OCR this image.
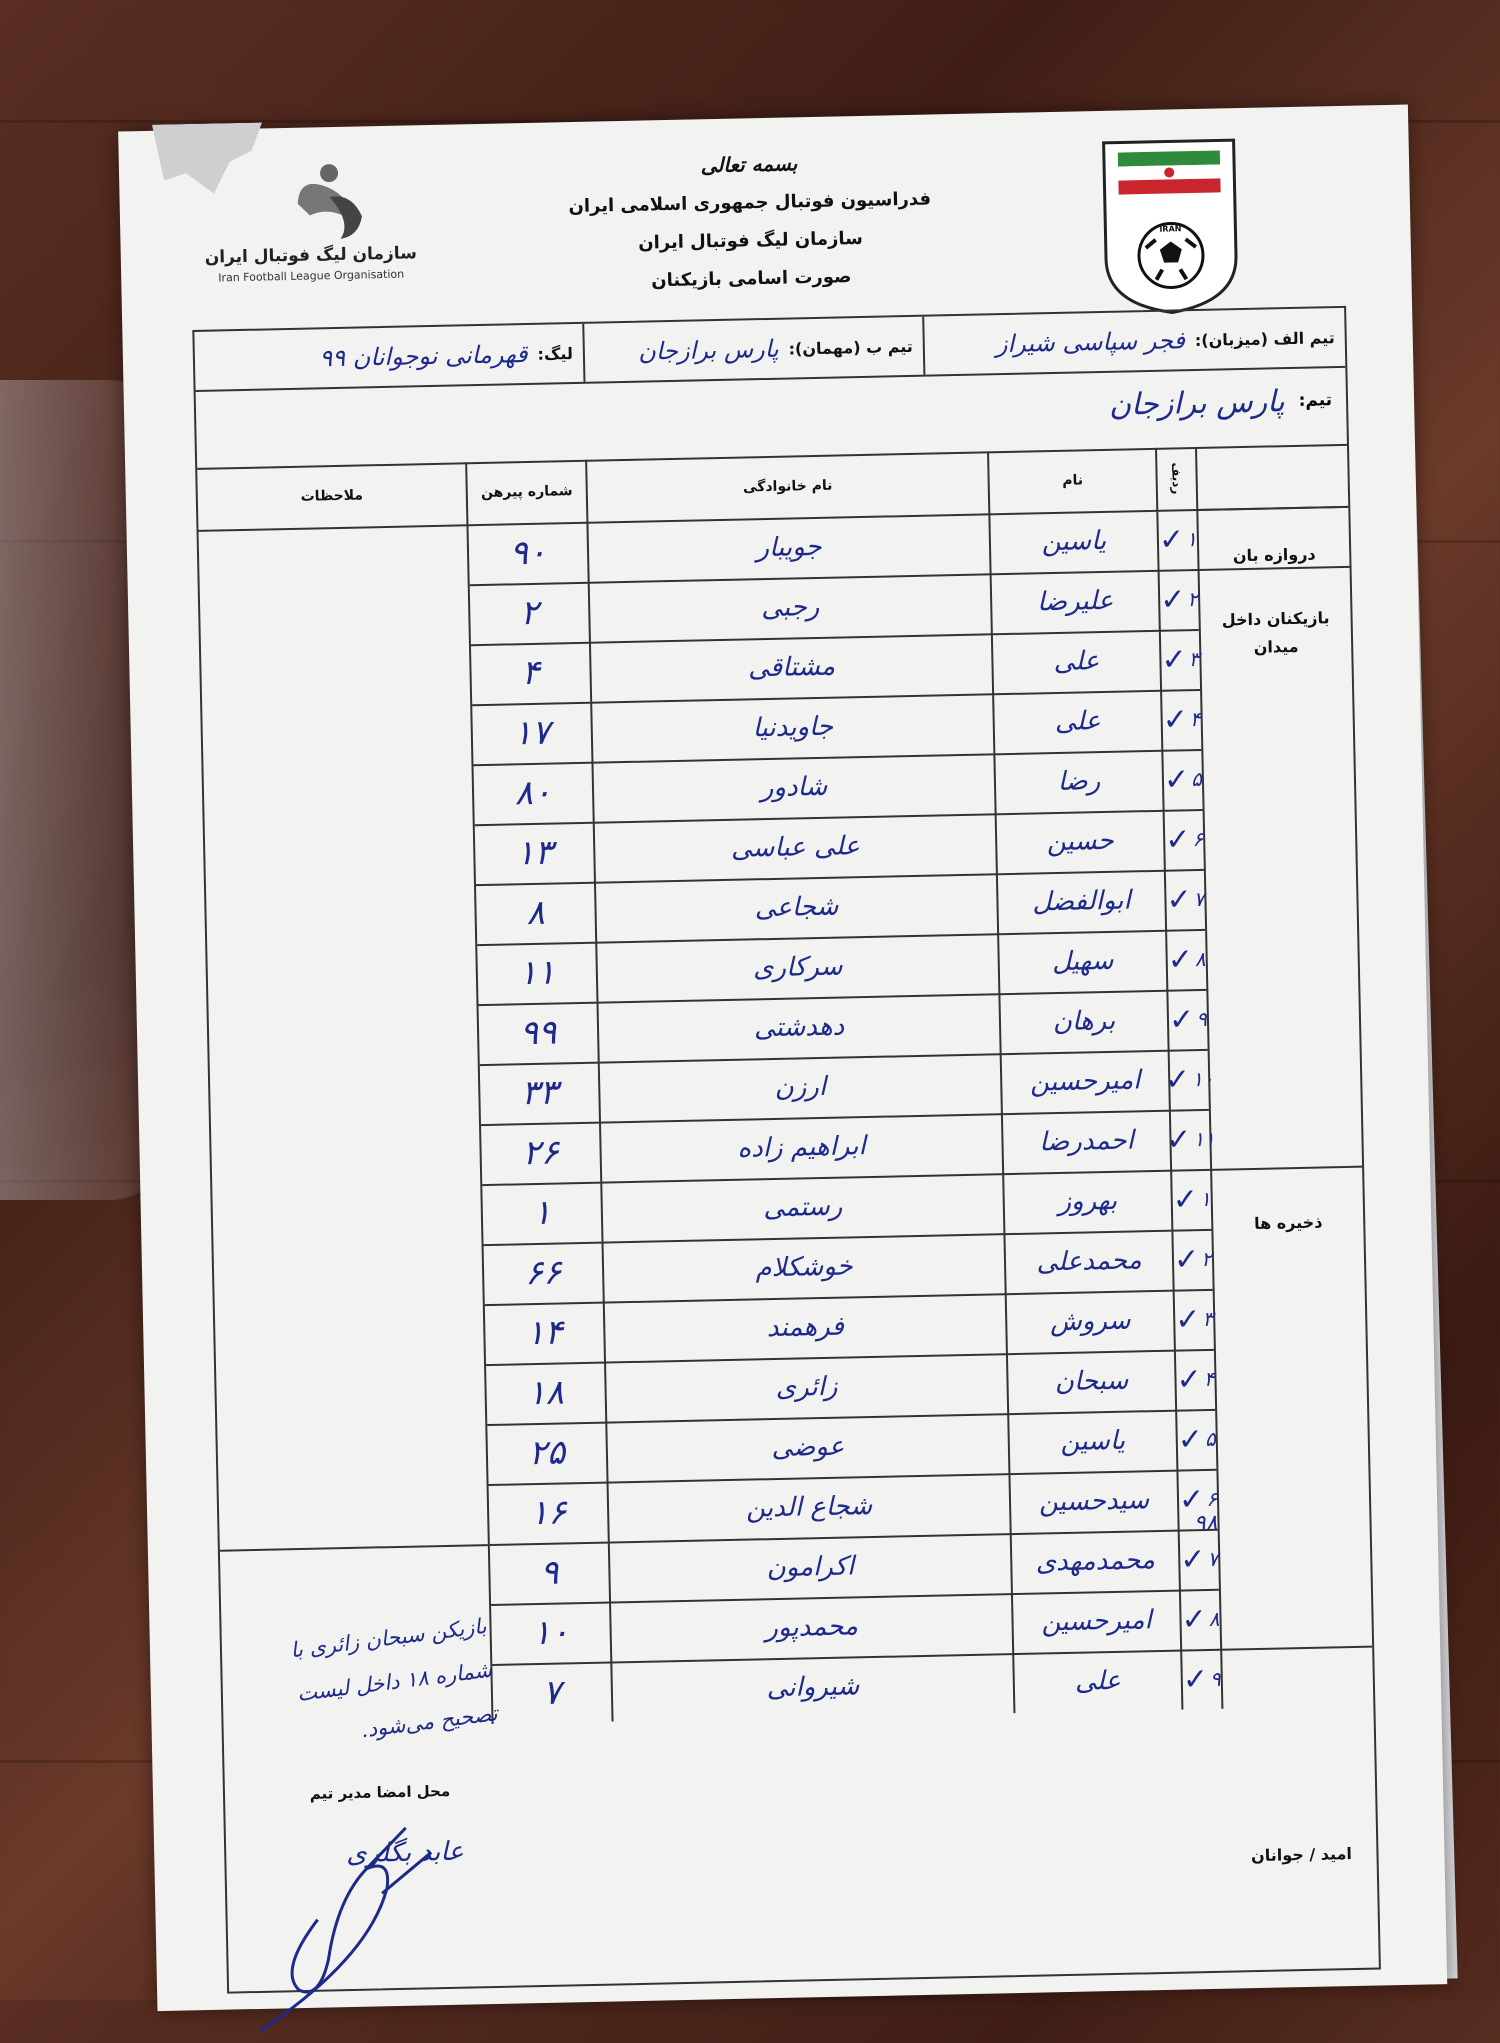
IRAN
سازمان لیگ فوتبال ایران
Iran Football League Organisation
بسمه تعالی
فدراسیون فوتبال جمهوری اسلامی ایران
سازمان لیگ فوتبال ایران
صورت اسامی بازیکنان
تیم الف (میزبان):
فجر سپاسی شیراز
تیم ب (مهمان):
پارس برازجان
لیگ:
قهرمانی نوجوانان ۹۹
تیم:
پارس برازجان
ردیف
نام
نام خانوادگی
شماره پیرهن
ملاحظات
۱
✓
یاسین
جویبار
۹۰
۲
✓
علیرضا
رجبی
۲
۳
✓
علی
مشتاقی
۴
۴
✓
علی
جاویدنیا
۱۷
۵
✓
رضا
شادور
۸۰
۶
✓
حسین
علی عباسی
۱۳
۷
✓
ابوالفضل
شجاعی
۸
۸
✓
سهیل
سرکاری
۱۱
۹
✓
برهان
دهدشتی
۹۹
۱۰
✓
امیرحسین
ارزن
۳۳
۱۱
✓
احمدرضا
ابراهیم زاده
۲۶
۱
✓
بهروز
رستمی
۱
۲
✓
محمدعلی
خوشکلام
۶۶
۳
✓
سروش
فرهمند
۱۴
۴
✓
سبحان
زائری
۱۸
۵
✓
یاسین
عوضی
۲۵
۶
✓
سیدحسین
شجاع الدین
۱۶
۷
✓
محمدمهدی
اکرامون
۹
۸
✓
امیرحسین
محمدپور
۱۰
۹
✓
علی
شیروانی
۷
دروازه بان
بازیکنان داخل میدان
ذخیره ها
امید / جوانان
۹۸
بازیکن سبحان زائری با شماره ۱۸ داخل لیست تصحیح می‌شود.
محل امضا مدیر تیم
عابد بگلری
